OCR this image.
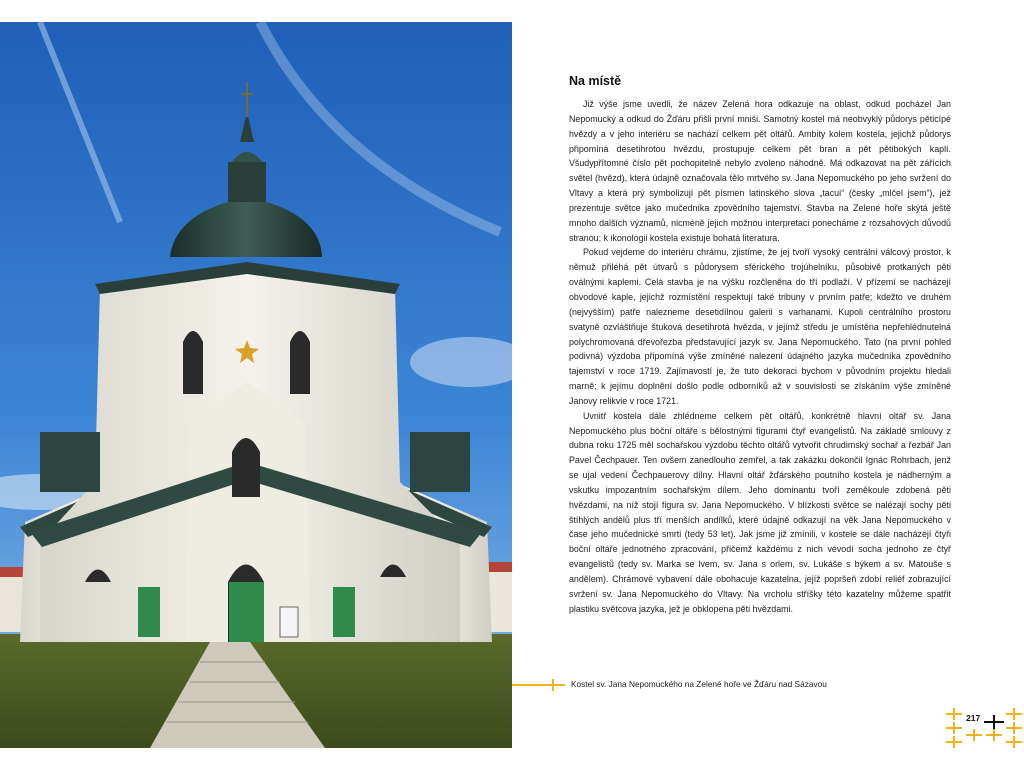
Na místě

Již výše jsme uvedli, že název Zelená hora odkazuje na oblast, odkud pocházel Jan Nepomucký a odkud do Žďáru přišli první mniši. Samotný kostel má neobvyklý půdorys pěticípé hvězdy a v jeho interiéru se nachází celkem pět oltářů. Ambity kolem kostela, jejichž půdorys připomíná desetihrotou hvězdu, prostupuje celkem pět bran a pět pětibokých kaplí. Všudypřítomné číslo pět pochopitelně nebylo zvoleno náhodně. Má odkazovat na pět zářících světel (hvězd), která údajně označovala tělo mrtvého sv. Jana Nepomuckého po jeho svržení do Vltavy a která prý symbolizují pět písmen latinského slova „tacui“ (česky „mlčel jsem“), jež prezentuje světce jako mučedníka zpovědního tajemství. Stavba na Zelené hoře skýtá ještě mnoho dalších významů, nicméně jejich možnou interpretaci ponecháme z rozsahových důvodů stranou; k ikonologii kostela existuje bohatá literatura.

Pokud vejdeme do interiéru chrámu, zjistíme, že jej tvoří vysoký centrální válcový prostor, k němuž přiléhá pět útvarů s půdorysem sférického trojúhelníku, působivě protkaných pěti oválnými kaplemi. Celá stavba je na výšku rozčleněna do tří podlaží. V přízemí se nacházejí obvodové kaple, jejichž rozmístění respektují také tribuny v prvním patře; kdežto ve druhém (nejvyšším) patře nalezneme desetidílnou galerii s varhanami. Kupoli centrálního prostoru svatyně ozvláštňuje štuková desetihrotá hvězda, v jejímž středu je umístěna nepřehlédnutelná polychromovaná dřevořezba představující jazyk sv. Jana Nepomuckého. Tato (na první pohled podivná) výzdoba připomíná výše zmíněné nalezení údajného jazyka mučedníka zpovědního tajemství v roce 1719. Zajímavostí je, že tuto dekoraci bychom v původním projektu hledali marně; k jejímu doplnění došlo podle odborníků až v souvislosti se získáním výše zmíněné Janovy relikvie v roce 1721.

Uvnitř kostela dále zhlédneme celkem pět oltářů, konkrétně hlavní oltář sv. Jana Nepomuckého plus boční oltáře s bělostnými figurami čtyř evangelistů. Na základě smlouvy z dubna roku 1725 měl sochařskou výzdobu těchto oltářů vytvořit chrudimský sochař a řezbář Jan Pavel Čechpauer. Ten ovšem zanedlouho zemřel, a tak zakázku dokončil Ignác Rohrbach, jenž se ujal vedení Čechpauerovy dílny. Hlavní oltář žďárského poutního kostela je nádherným a vskutku impozantním sochařským dílem. Jeho dominantu tvoří zeměkoule zdobená pěti hvězdami, na níž stojí figura sv. Jana Nepomuckého. V blízkosti světce se nalézají sochy pěti štíhlých andělů plus tří menších andílků, které údajně odkazují na věk Jana Nepomuckého v čase jeho mučednické smrti (tedy 53 let). Jak jsme již zmínili, v kostele se dále nacházejí čtyři boční oltáře jednotného zpracování, přičemž každému z nich vévodí socha jednoho ze čtyř evangelistů (tedy sv. Marka se lvem, sv. Jana s orlem, sv. Lukáše s býkem a sv. Matouše s andělem). Chrámové vybavení dále obohacuje kazatelna, jejíž popršeň zdobí reliéf zobrazující svržení sv. Jana Nepomuckého do Vltavy. Na vrcholu stříšky této kazatelny můžeme spatřit plastiku světcova jazyka, jež je obklopena pěti hvězdami.

Kostel sv. Jana Nepomuckého na Zelené hoře ve Žďáru nad Sázavou
217
